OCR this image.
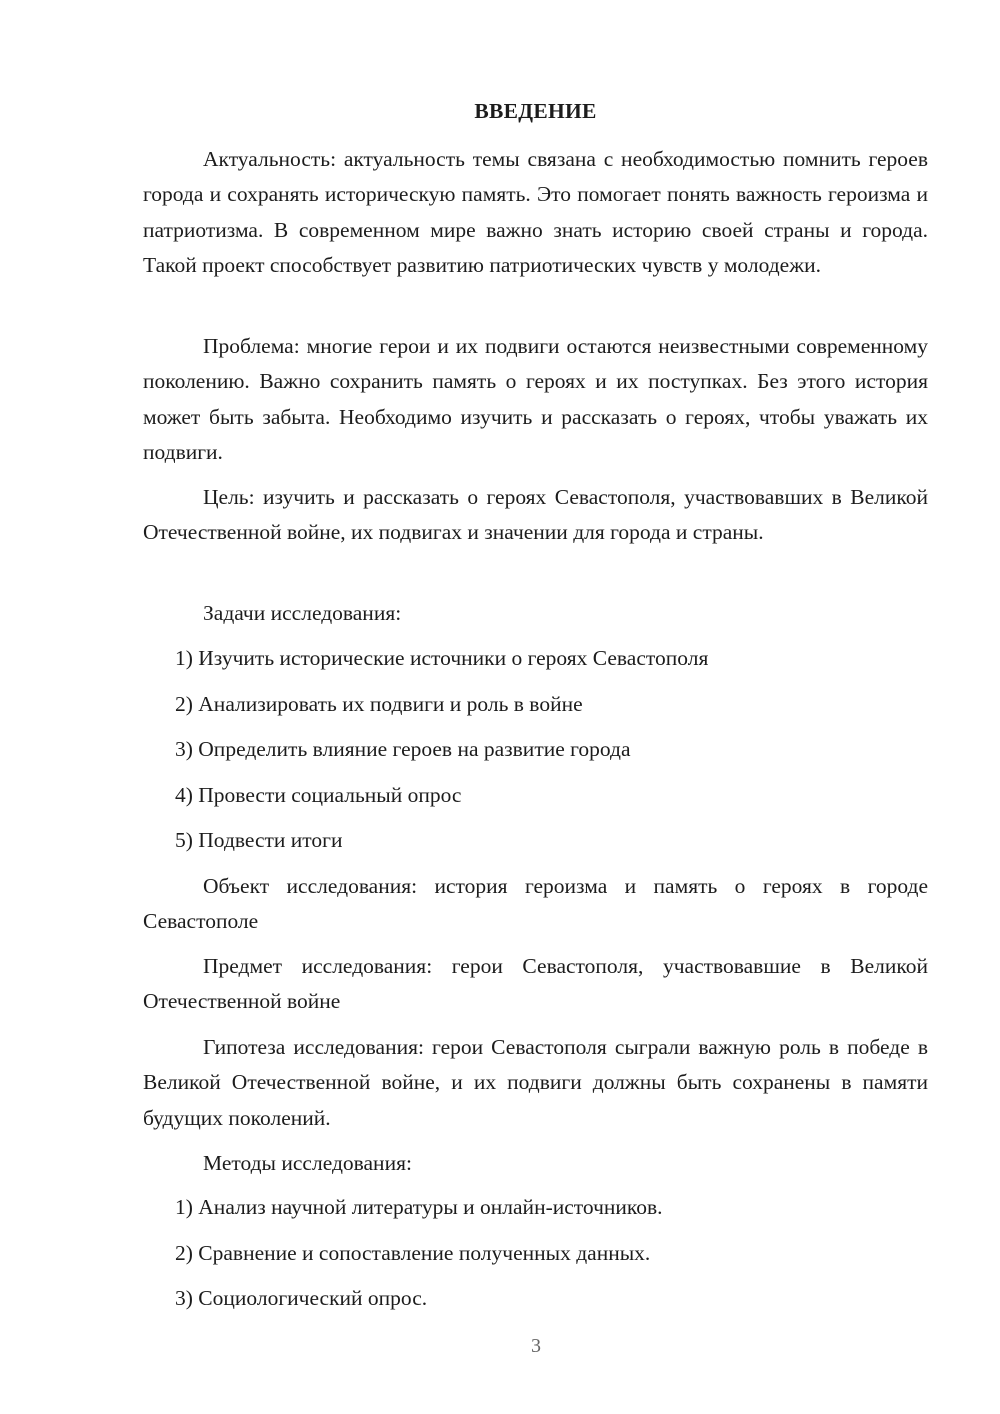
ВВЕДЕНИЕ

Актуальность: актуальность темы связана с необходимостью помнить героев города и сохранять историческую память. Это помогает понять важность героизма и патриотизма. В современном мире важно знать историю своей страны и города. Такой проект способствует развитию патриотических чувств у молодежи.

Проблема: многие герои и их подвиги остаются неизвестными современному поколению. Важно сохранить память о героях и их поступках. Без этого история может быть забыта. Необходимо изучить и рассказать о героях, чтобы уважать их подвиги.

Цель: изучить и рассказать о героях Севастополя, участвовавших в Великой Отечественной войне, их подвигах и значении для города и страны.

Задачи исследования:

1) Изучить исторические источники о героях Севастополя

2) Анализировать их подвиги и роль в войне

3) Определить влияние героев на развитие города

4) Провести социальный опрос

5) Подвести итоги

Объект исследования: история героизма и память о героях в городе Севастополе

Предмет исследования: герои Севастополя, участвовавшие в Великой Отечественной войне

Гипотеза исследования: герои Севастополя сыграли важную роль в победе в Великой Отечественной войне, и их подвиги должны быть сохранены в памяти будущих поколений.

Методы исследования:

1) Анализ научной литературы и онлайн-источников.

2) Сравнение и сопоставление полученных данных.

3) Социологический опрос.

3
